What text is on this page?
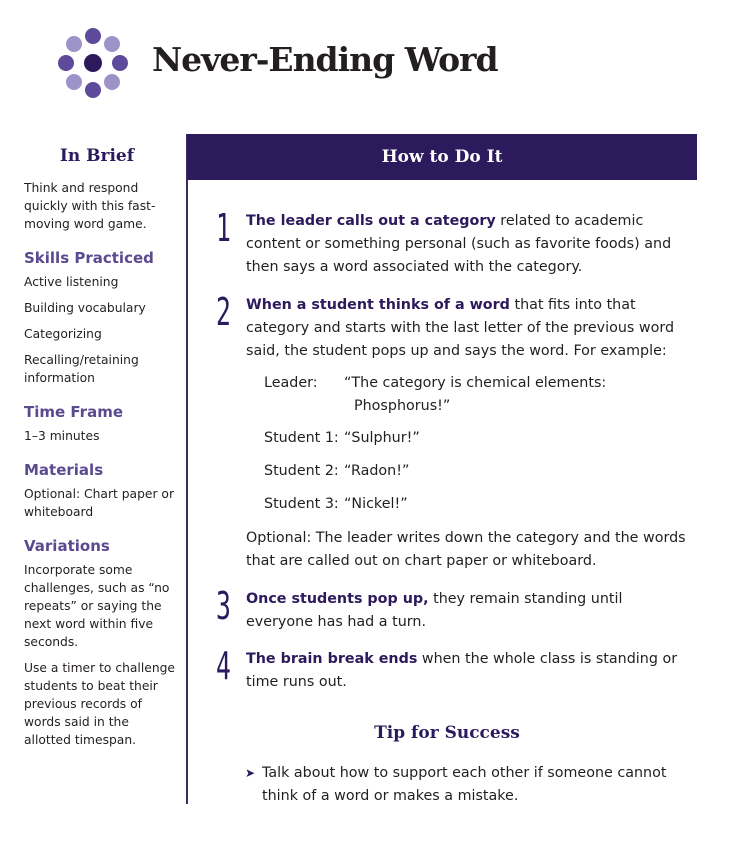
Never-Ending Word
In Brief
Think and respond quickly with this fast-moving word game.
Skills Practiced
Active listening
Building vocabulary
Categorizing
Recalling/retaining information
Time Frame
1–3 minutes
Materials
Optional: Chart paper or whiteboard
Variations
Incorporate some challenges, such as “no repeats” or saying the next word within five seconds.
Use a timer to challenge students to beat their previous records of words said in the allotted timespan.
How to Do It
1 The leader calls out a category related to academic content or something personal (such as favorite foods) and then says a word associated with the category.
2 When a student thinks of a word that fits into that category and starts with the last letter of the previous word said, the student pops up and says the word. For example:
Leader:	“The category is chemical elements:
Phosphorus!”
Student 1: “Sulphur!”
Student 2: “Radon!”
Student 3: “Nickel!”
Optional: The leader writes down the category and the words that are called out on chart paper or whiteboard.
3 Once students pop up, they remain standing until everyone has had a turn.
4 The brain break ends when the whole class is standing or time runs out.
Tip for Success
➤ Talk about how to support each other if someone cannot think of a word or makes a mistake.
